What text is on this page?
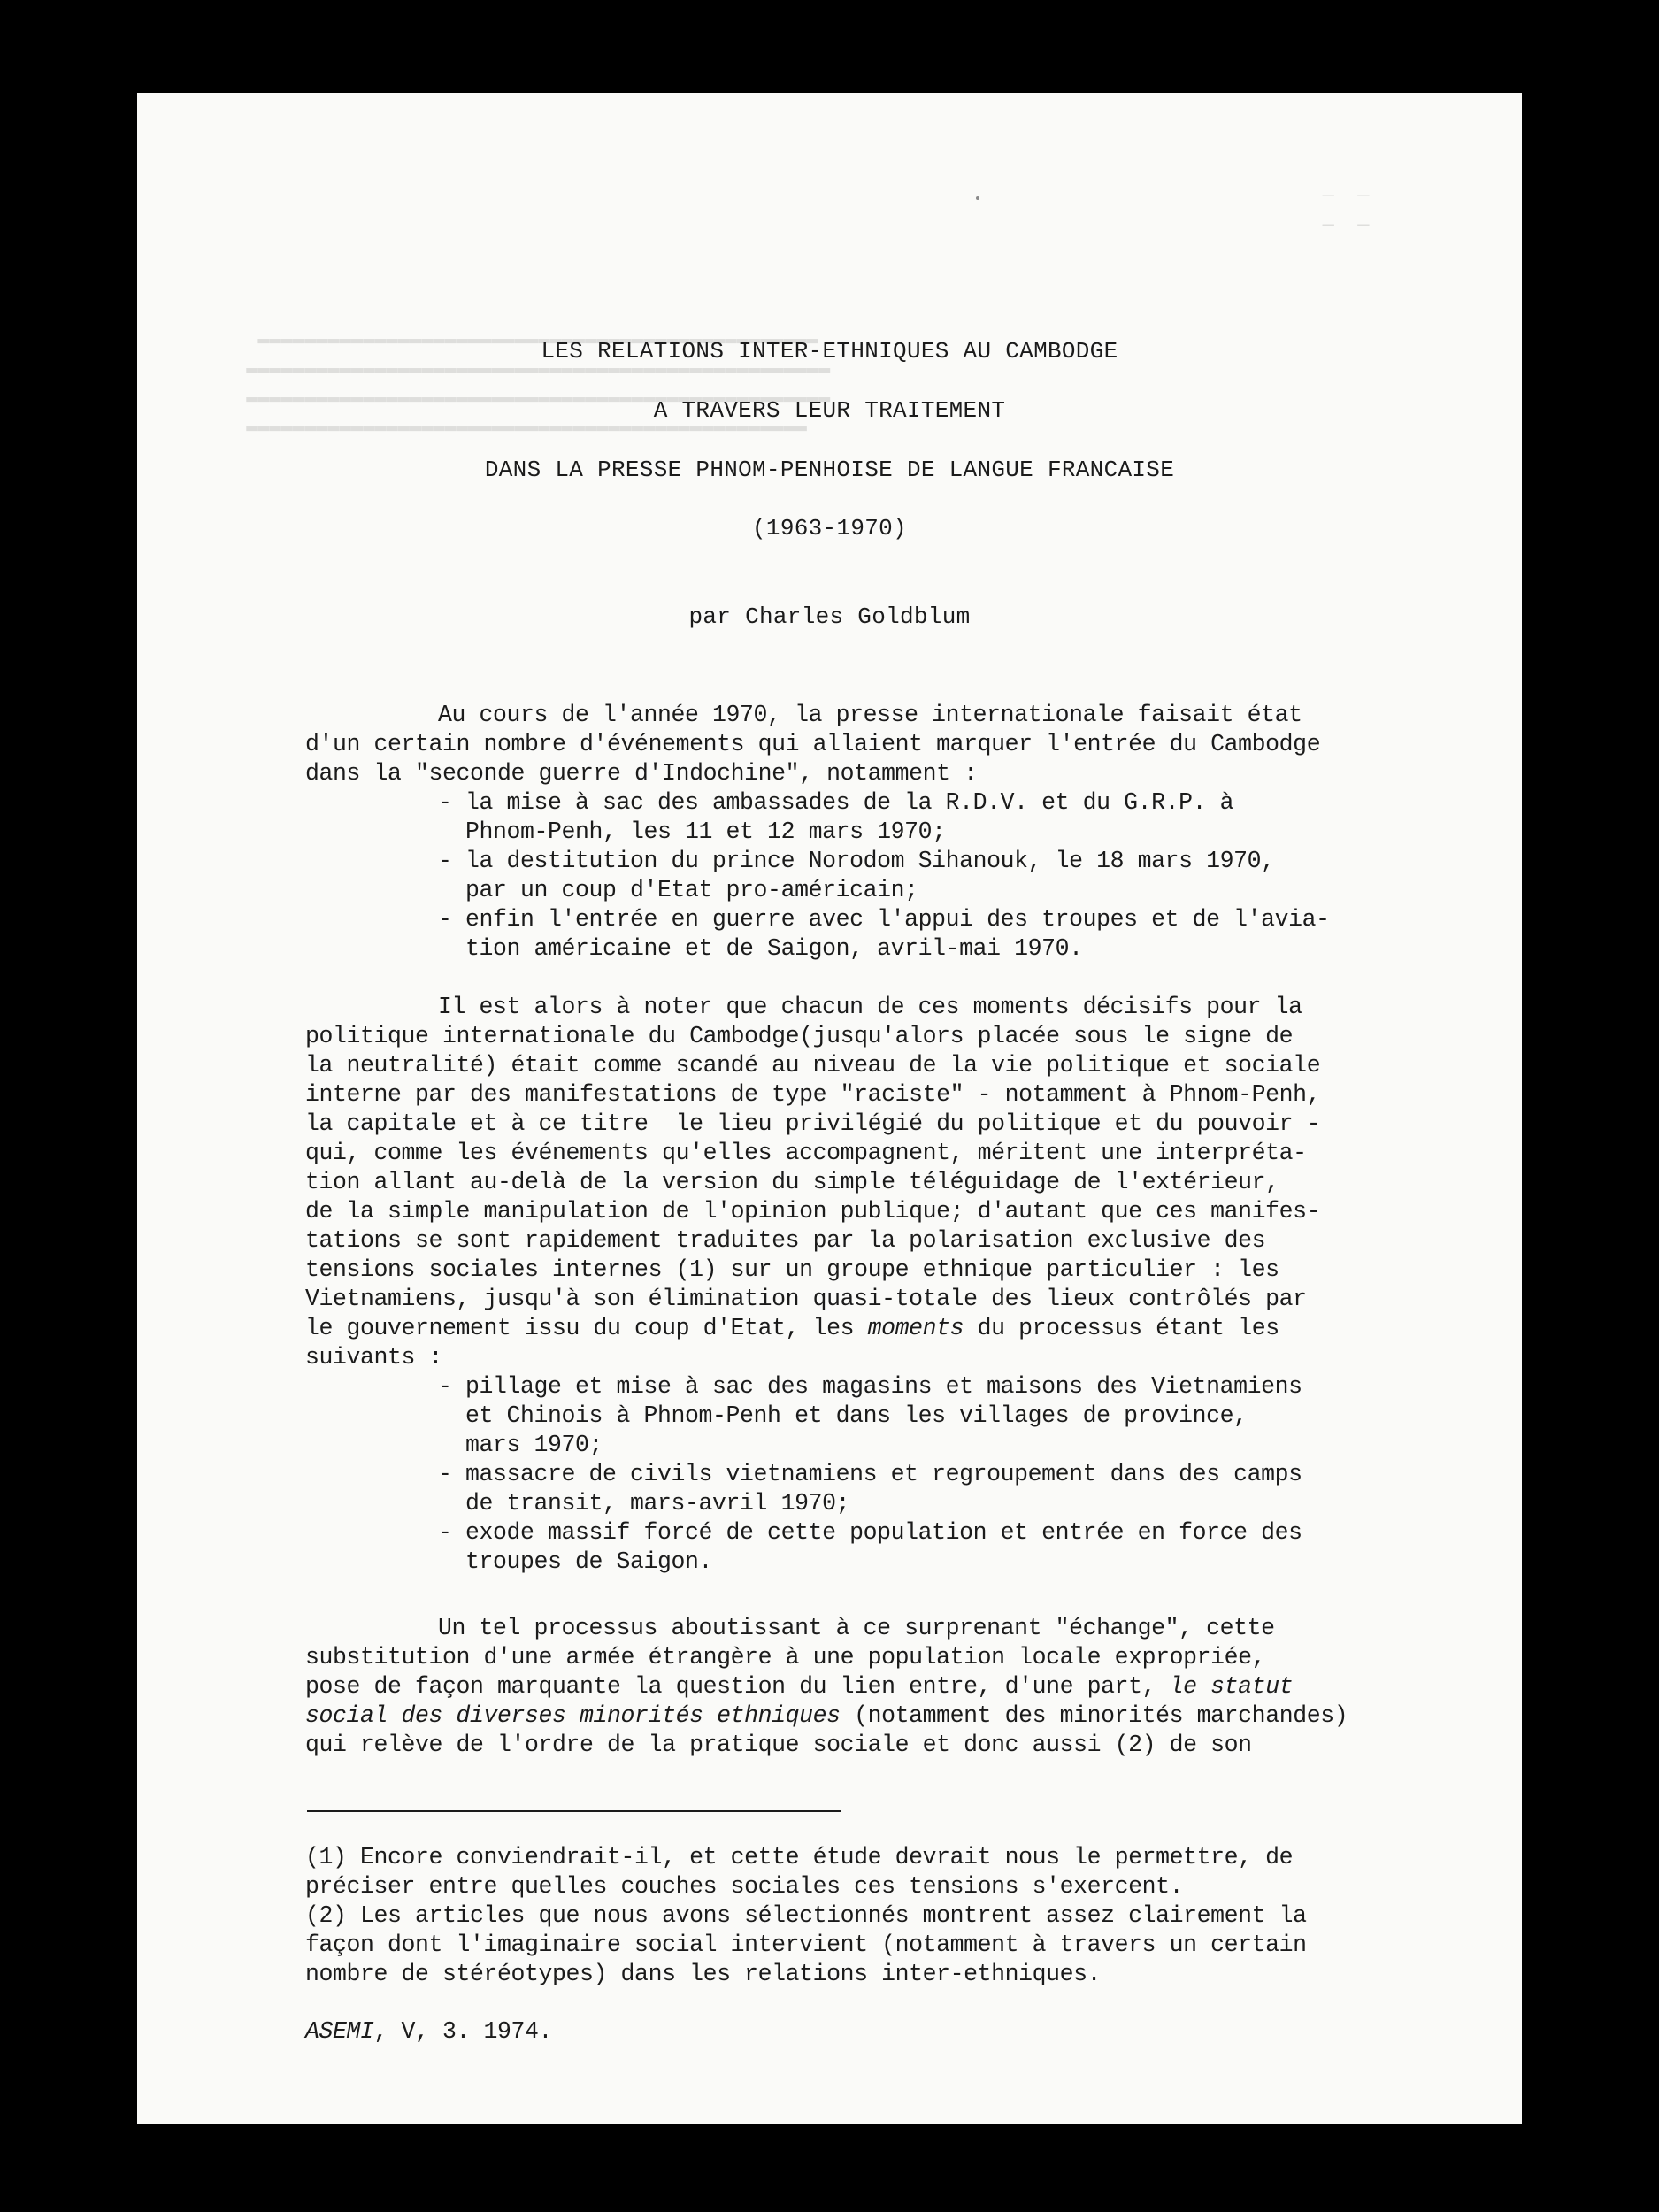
—  —
—  —
▬▬▬▬▬▬▬▬▬▬▬▬▬▬▬▬▬▬▬▬▬▬▬▬▬▬▬▬▬▬▬▬▬▬▬▬▬▬▬▬▬▬▬▬▬▬▬▬
▬▬▬▬▬▬▬▬▬▬▬▬▬▬▬▬▬▬▬▬▬▬▬▬▬▬▬▬▬▬▬▬▬▬▬▬▬▬▬▬▬▬▬▬▬▬▬▬▬▬
▬▬▬▬▬▬▬▬▬▬▬▬▬▬▬▬▬▬▬▬▬▬▬▬▬▬▬▬▬▬▬▬▬▬▬▬▬▬▬▬▬▬▬▬▬▬▬▬▬▬
▬▬▬▬▬▬▬▬▬▬▬▬▬▬▬▬▬▬▬▬▬▬▬▬▬▬▬▬▬▬▬▬▬▬▬▬▬▬▬▬▬▬▬▬▬▬▬▬
LES RELATIONS INTER-ETHNIQUES AU CAMBODGE
A TRAVERS LEUR TRAITEMENT
DANS LA PRESSE PHNOM-PENHOISE DE LANGUE FRANCAISE
(1963-1970)
par Charles Goldblum
Au cours de l'année 1970, la presse internationale faisait état
d'un certain nombre d'événements qui allaient marquer l'entrée du Cambodge
dans la "seconde guerre d'Indochine", notamment :
- la mise à sac des ambassades de la R.D.V. et du G.R.P. à
Phnom-Penh, les 11 et 12 mars 1970;
- la destitution du prince Norodom Sihanouk, le 18 mars 1970,
par un coup d'Etat pro-américain;
- enfin l'entrée en guerre avec l'appui des troupes et de l'avia-
tion américaine et de Saigon, avril-mai 1970.
Il est alors à noter que chacun de ces moments décisifs pour la
politique internationale du Cambodge(jusqu'alors placée sous le signe de
la neutralité) était comme scandé au niveau de la vie politique et sociale
interne par des manifestations de type "raciste" - notamment à Phnom-Penh,
la capitale et à ce titre  le lieu privilégié du politique et du pouvoir -
qui, comme les événements qu'elles accompagnent, méritent une interpréta-
tion allant au-delà de la version du simple téléguidage de l'extérieur,
de la simple manipulation de l'opinion publique; d'autant que ces manifes-
tations se sont rapidement traduites par la polarisation exclusive des
tensions sociales internes (1) sur un groupe ethnique particulier : les
Vietnamiens, jusqu'à son élimination quasi-totale des lieux contrôlés par
le gouvernement issu du coup d'Etat, les moments du processus étant les
suivants :
- pillage et mise à sac des magasins et maisons des Vietnamiens
et Chinois à Phnom-Penh et dans les villages de province,
mars 1970;
- massacre de civils vietnamiens et regroupement dans des camps
de transit, mars-avril 1970;
- exode massif forcé de cette population et entrée en force des
troupes de Saigon.
Un tel processus aboutissant à ce surprenant "échange", cette
substitution d'une armée étrangère à une population locale expropriée,
pose de façon marquante la question du lien entre, d'une part, le statut
social des diverses minorités ethniques (notamment des minorités marchandes)
qui relève de l'ordre de la pratique sociale et donc aussi (2) de son
(1) Encore conviendrait-il, et cette étude devrait nous le permettre, de
préciser entre quelles couches sociales ces tensions s'exercent.
(2) Les articles que nous avons sélectionnés montrent assez clairement la
façon dont l'imaginaire social intervient (notamment à travers un certain
nombre de stéréotypes) dans les relations inter-ethniques.
ASEMI, V, 3. 1974.
